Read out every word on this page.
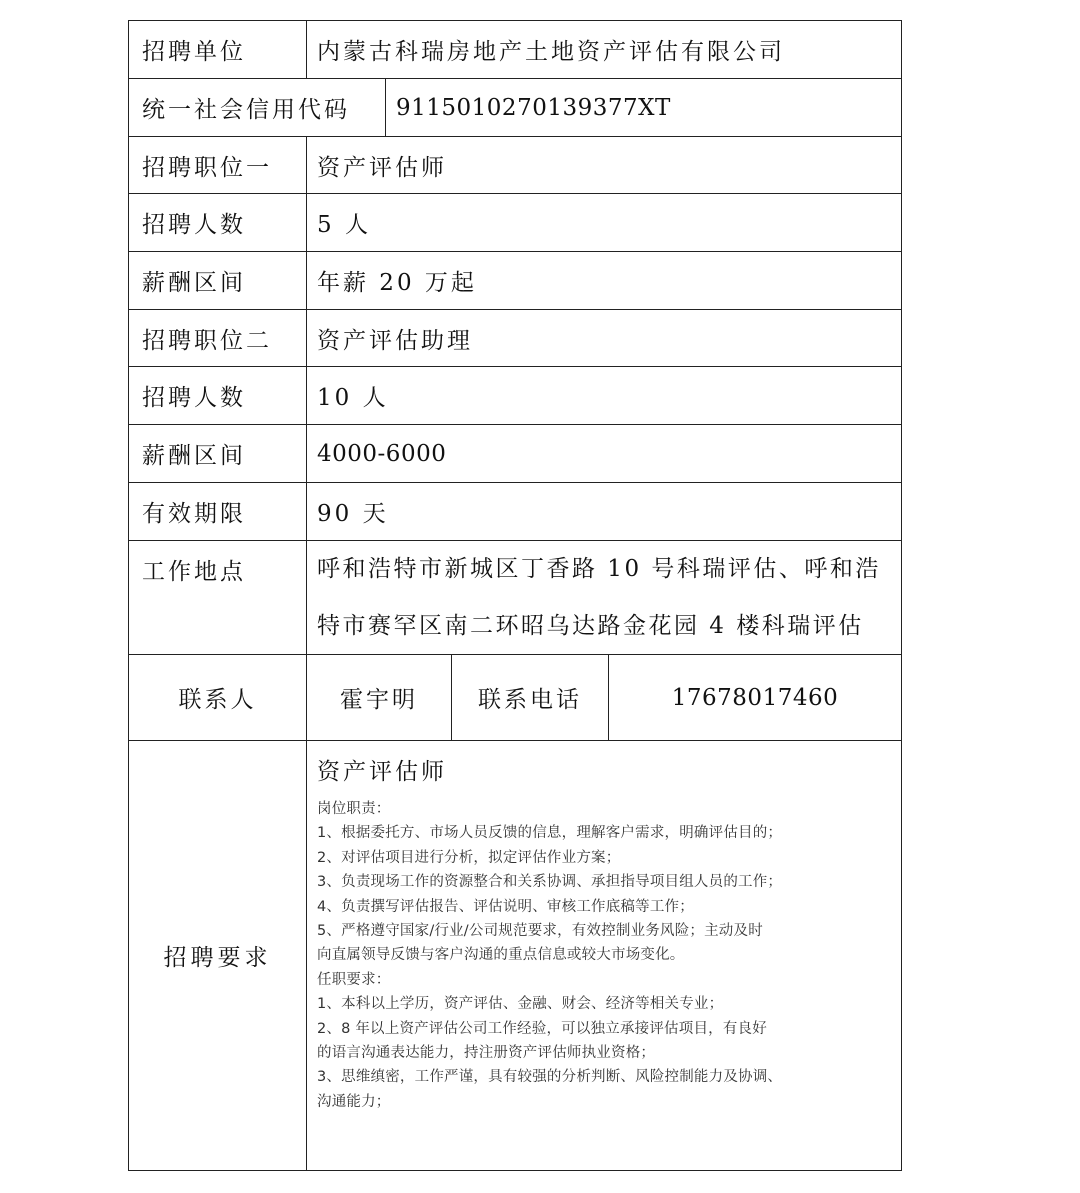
招聘单位	内蒙古科瑞房地产土地资产评估有限公司
统一社会信用代码	9115010270139377XT
招聘职位一	资产评估师
招聘人数	5 人
薪酬区间	年薪 20 万起
招聘职位二	资产评估助理
招聘人数	10 人
薪酬区间	4000-6000
有效期限	90 天
工作地点	呼和浩特市新城区丁香路 10 号科瑞评估、呼和浩
特市赛罕区南二环昭乌达路金花园 4 楼科瑞评估
联系人	霍宇明	联系电话	17678017460
招聘要求
资产评估师
岗位职责：
1、根据委托方、市场人员反馈的信息，理解客户需求，明确评估目的；
2、对评估项目进行分析，拟定评估作业方案；
3、负责现场工作的资源整合和关系协调、承担指导项目组人员的工作；
4、负责撰写评估报告、评估说明、审核工作底稿等工作；
5、严格遵守国家/行业/公司规范要求，有效控制业务风险；主动及时
向直属领导反馈与客户沟通的重点信息或较大市场变化。
任职要求：
1、本科以上学历，资产评估、金融、财会、经济等相关专业；
2、8 年以上资产评估公司工作经验，可以独立承接评估项目，有良好
的语言沟通表达能力，持注册资产评估师执业资格；
3、思维缜密，工作严谨，具有较强的分析判断、风险控制能力及协调、
沟通能力；
